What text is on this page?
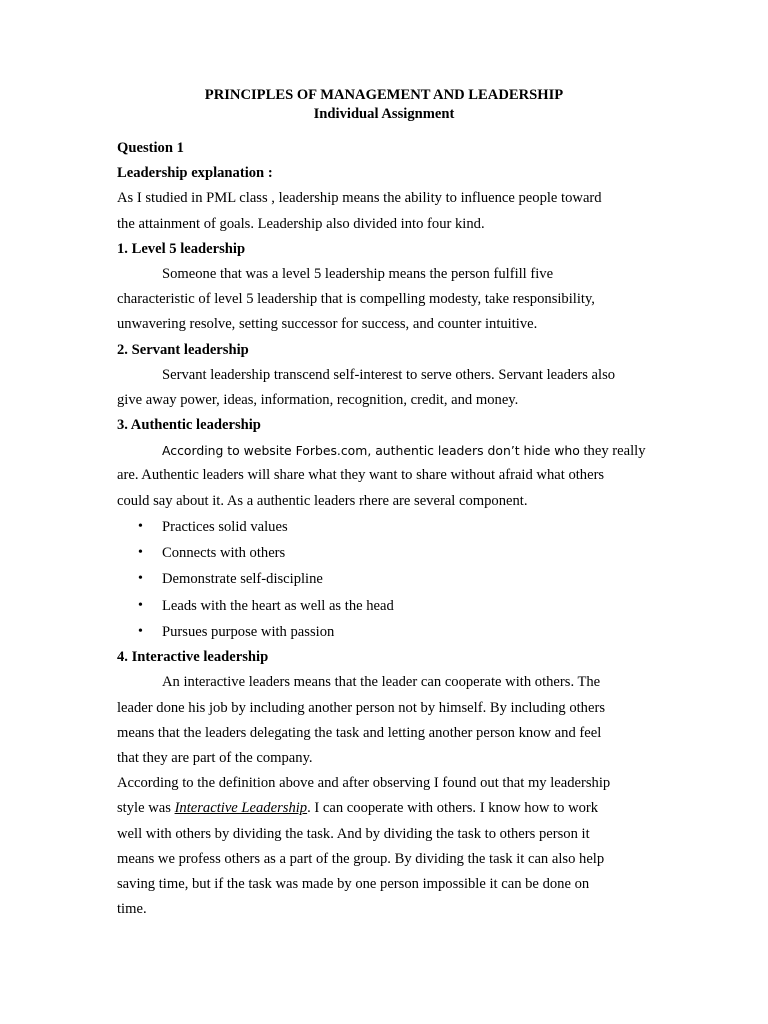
PRINCIPLES OF MANAGEMENT AND LEADERSHIP
Individual Assignment
Question 1
Leadership explanation :
As I studied in PML class , leadership means the ability to influence people toward
the attainment of goals. Leadership also divided into four kind.
1. Level 5 leadership
Someone that was a level 5 leadership means the person fulfill five
characteristic of level 5 leadership that is compelling modesty, take responsibility,
unwavering resolve, setting successor for success, and counter intuitive.
2. Servant leadership
Servant leadership transcend self-interest to serve others. Servant leaders also
give away power, ideas, information, recognition, credit, and money.
3. Authentic leadership
According to website Forbes.com, authentic leaders don’t hide who they really
are. Authentic leaders will share what they want to share without afraid what others
could say about it. As a authentic leaders rhere are several component.
• Practices solid values
• Connects with others
• Demonstrate self-discipline
• Leads with the heart as well as the head
• Pursues purpose with passion
4. Interactive leadership
An interactive leaders means that the leader can cooperate with others. The
leader done his job by including another person not by himself. By including others
means that the leaders delegating the task and letting another person know and feel
that they are part of the company.
According to the definition above and after observing I found out that my leadership
style was Interactive Leadership. I can cooperate with others. I know how to work
well with others by dividing the task. And by dividing the task to others person it
means we profess others as a part of the group. By dividing the task it can also help
saving time, but if the task was made by one person impossible it can be done on
time.
